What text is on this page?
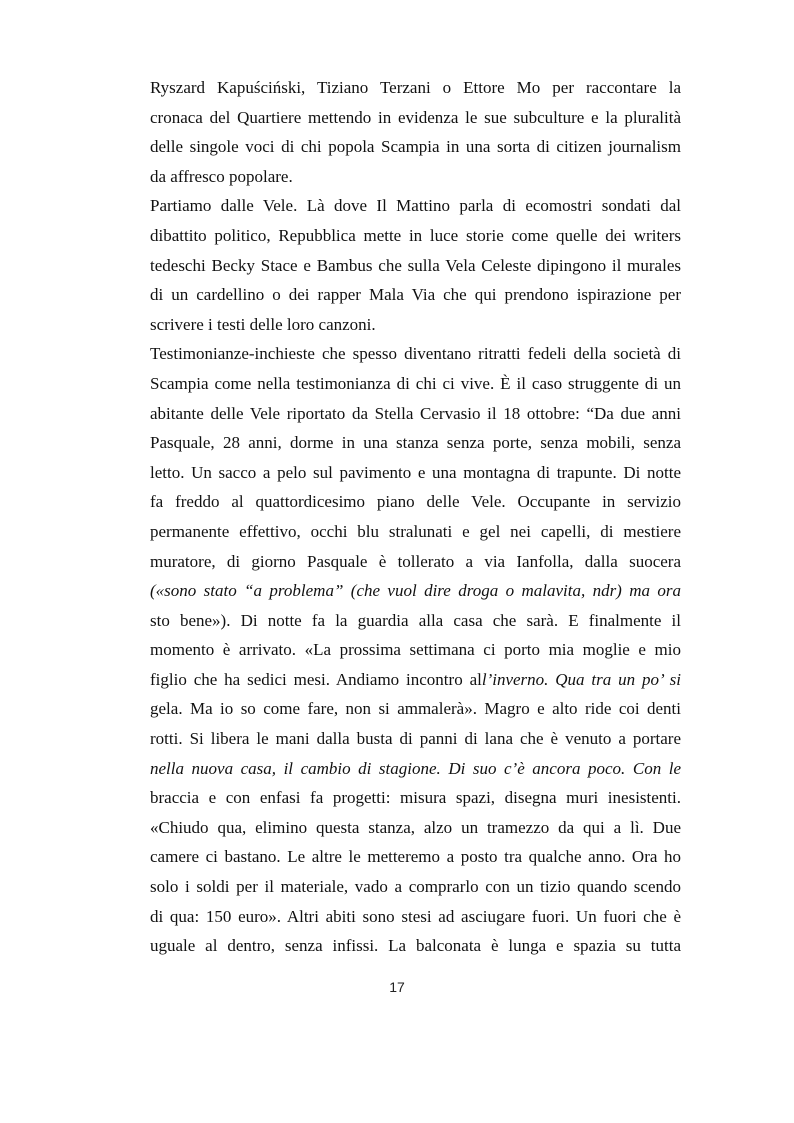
Ryszard Kapuściński, Tiziano Terzani o Ettore Mo per raccontare la
cronaca del Quartiere mettendo in evidenza le sue subculture e la pluralità
delle singole voci di chi popola Scampia in una sorta di citizen journalism
da affresco popolare.
Partiamo dalle Vele. Là dove Il Mattino parla di ecomostri sondati dal
dibattito politico, Repubblica mette in luce storie come quelle dei writers
tedeschi Becky Stace e Bambus che sulla Vela Celeste dipingono il murales
di un cardellino o dei rapper Mala Via che qui prendono ispirazione per
scrivere i testi delle loro canzoni.
Testimonianze-inchieste che spesso diventano ritratti fedeli della società di
Scampia come nella testimonianza di chi ci vive. È il caso struggente di un
abitante delle Vele riportato da Stella Cervasio il 18 ottobre: “Da due anni
Pasquale, 28 anni, dorme in una stanza senza porte, senza mobili, senza
letto. Un sacco a pelo sul pavimento e una montagna di trapunte. Di notte
fa freddo al quattordicesimo piano delle Vele. Occupante in servizio
permanente effettivo, occhi blu stralunati e gel nei capelli, di mestiere
muratore, di giorno Pasquale è tollerato a via Ianfolla, dalla suocera
(«sono stato “a problema” (che vuol dire droga o malavita, ndr) ma ora
sto bene»). Di notte fa la guardia alla casa che sarà. E finalmente il
momento è arrivato. «La prossima settimana ci porto mia moglie e mio
figlio che ha sedici mesi. Andiamo incontro all’inverno. Qua tra un po’ si
gela. Ma io so come fare, non si ammalerà». Magro e alto ride coi denti
rotti. Si libera le mani dalla busta di panni di lana che è venuto a portare
nella nuova casa, il cambio di stagione. Di suo c’è ancora poco. Con le
braccia e con enfasi fa progetti: misura spazi, disegna muri inesistenti.
«Chiudo qua, elimino questa stanza, alzo un tramezzo da qui a lì. Due
camere ci bastano. Le altre le metteremo a posto tra qualche anno. Ora ho
solo i soldi per il materiale, vado a comprarlo con un tizio quando scendo
di qua: 150 euro». Altri abiti sono stesi ad asciugare fuori. Un fuori che è
uguale al dentro, senza infissi. La balconata è lunga e spazia su tutta
17
